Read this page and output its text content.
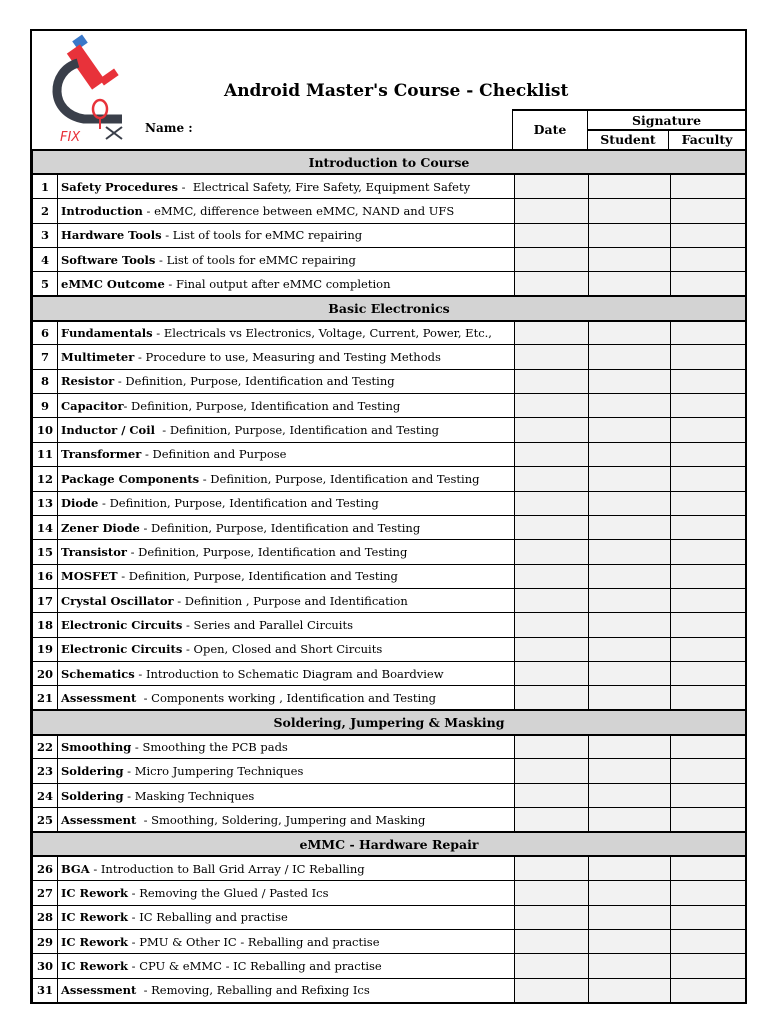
FIX
Android Master's Course - Checklist
Name :	Date
Signature
Student	Faculty
Introduction to Course				
1	Safety Procedures -  Electrical Safety, Fire Safety, Equipment Safety			
2	Introduction - eMMC, difference between eMMC, NAND and UFS			
3	Hardware Tools - List of tools for eMMC repairing			
4	Software Tools - List of tools for eMMC repairing			
5	eMMC Outcome - Final output after eMMC completion			
Basic Electronics				
6	Fundamentals - Electricals vs Electronics, Voltage, Current, Power, Etc.,			
7	Multimeter - Procedure to use, Measuring and Testing Methods			
8	Resistor - Definition, Purpose, Identification and Testing			
9	Capacitor- Definition, Purpose, Identification and Testing			
10	Inductor / Coil  - Definition, Purpose, Identification and Testing			
11	Transformer - Definition and Purpose			
12	Package Components - Definition, Purpose, Identification and Testing			
13	Diode - Definition, Purpose, Identification and Testing			
14	Zener Diode - Definition, Purpose, Identification and Testing			
15	Transistor - Definition, Purpose, Identification and Testing			
16	MOSFET - Definition, Purpose, Identification and Testing			
17	Crystal Oscillator - Definition , Purpose and Identification			
18	Electronic Circuits - Series and Parallel Circuits			
19	Electronic Circuits - Open, Closed and Short Circuits			
20	Schematics - Introduction to Schematic Diagram and Boardview			
21	Assessment  - Components working , Identification and Testing			
Soldering, Jumpering & Masking				
22	Smoothing - Smoothing the PCB pads			
23	Soldering - Micro Jumpering Techniques			
24	Soldering - Masking Techniques			
25	Assessment  - Smoothing, Soldering, Jumpering and Masking			
eMMC - Hardware Repair				
26	BGA - Introduction to Ball Grid Array / IC Reballing			
27	IC Rework - Removing the Glued / Pasted Ics			
28	IC Rework - IC Reballing and practise			
29	IC Rework - PMU & Other IC - Reballing and practise			
30	IC Rework - CPU & eMMC - IC Reballing and practise			
31	Assessment  - Removing, Reballing and Refixing Ics			
